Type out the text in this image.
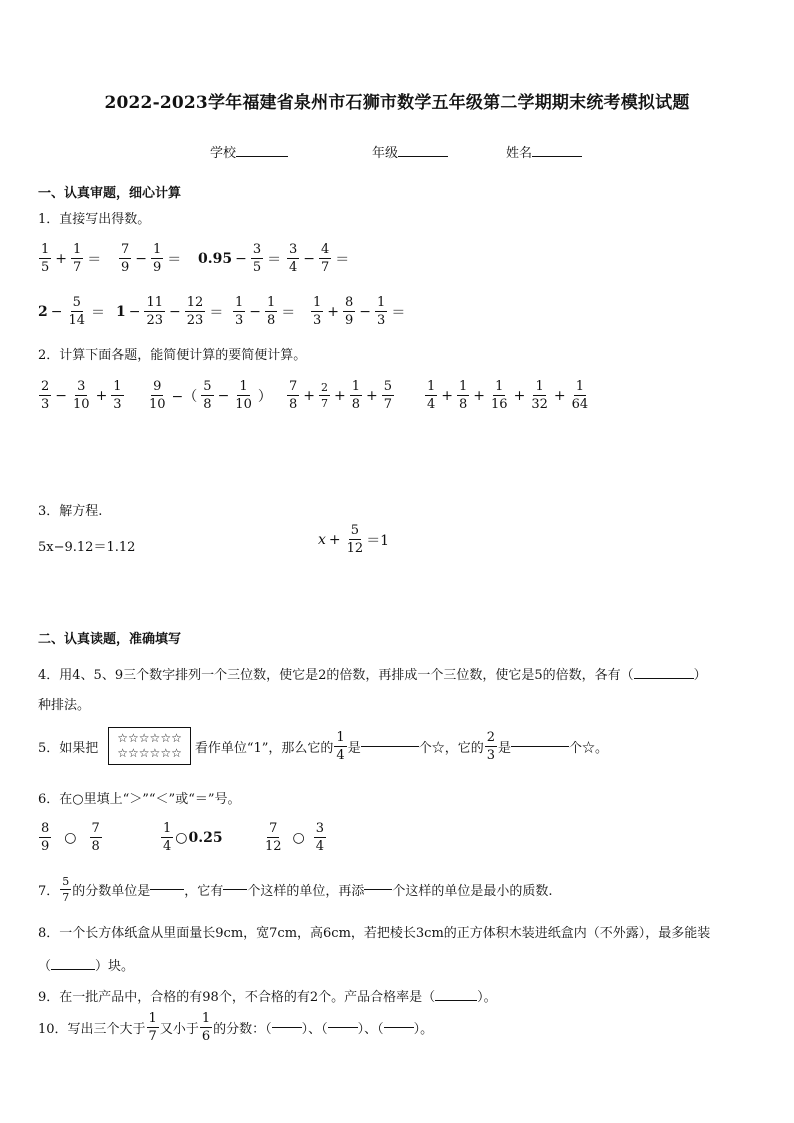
2022-2023学年福建省泉州市石狮市数学五年级第二学期期末统考模拟试题
学校	年级	姓名
一、认真审题，细心计算
1．直接写出得数。
$\frac{1}{5} + \frac{1}{7} = \frac{7}{9} - \frac{1}{9} = 0.95 - \frac{3}{5} = \frac{3}{4} - \frac{4}{7}$ ＝
$2 - \frac{5}{14} = 1 - \frac{11}{23} - \frac{12}{23} = \frac{1}{3} - \frac{1}{8} = \frac{1}{3} + \frac{8}{9} - \frac{1}{3}$ ＝
2．计算下面各题，能简便计算的要简便计算。
$\frac{2}{3} - \frac{3}{10} + \frac{1}{3} \frac{9}{10}$ −（ $\frac{5}{8} - \frac{1}{10}$ ） $\frac{7}{8} + \frac{2}{7} + \frac{1}{8} + \frac{5}{7} \frac{1}{4} + \frac{1}{8} + \frac{1}{16} + \frac{1}{32} + \frac{1}{64}$
3．解方程.
5x−9.12＝1.12	$x + \frac{5}{12} =1$
二、认真读题，准确填写
4．用4、5、9三个数字排列一个三位数，使它是2的倍数，再排成一个三位数，使它是5的倍数，各有（	）
种排法。
5．如果把
☆☆☆☆☆☆
☆☆☆☆☆☆ 看作单位“1”，那么它的 $\frac{1}{4}$ 是	个☆，它的 $\frac{2}{3}$ 是	个☆。
6．在○里填上“＞”“＜”或“＝”号。
$\frac{8}{9}$ ○ $\frac{7}{8}$	$\frac{1}{4}$ ○ 0.25	$\frac{7}{12}$ ○ $\frac{3}{4}$
7． $\frac{5}{7}$ 的分数单位是	，它有 个这样的单位，再添 个这样的单位是最小的质数.
8．一个长方体纸盒从里面量长9cm，宽7cm，高6cm，若把棱长3cm的正方体积木装进纸盒内（不外露），最多能装
（	）块。
9．在一批产品中，合格的有98个，不合格的有2个。产品合格率是（	）。
10．写出三个大于 $\frac{1}{7}$ 又小于 $\frac{1}{6}$ 的分数：（ ）、（ ）、（ ）。
